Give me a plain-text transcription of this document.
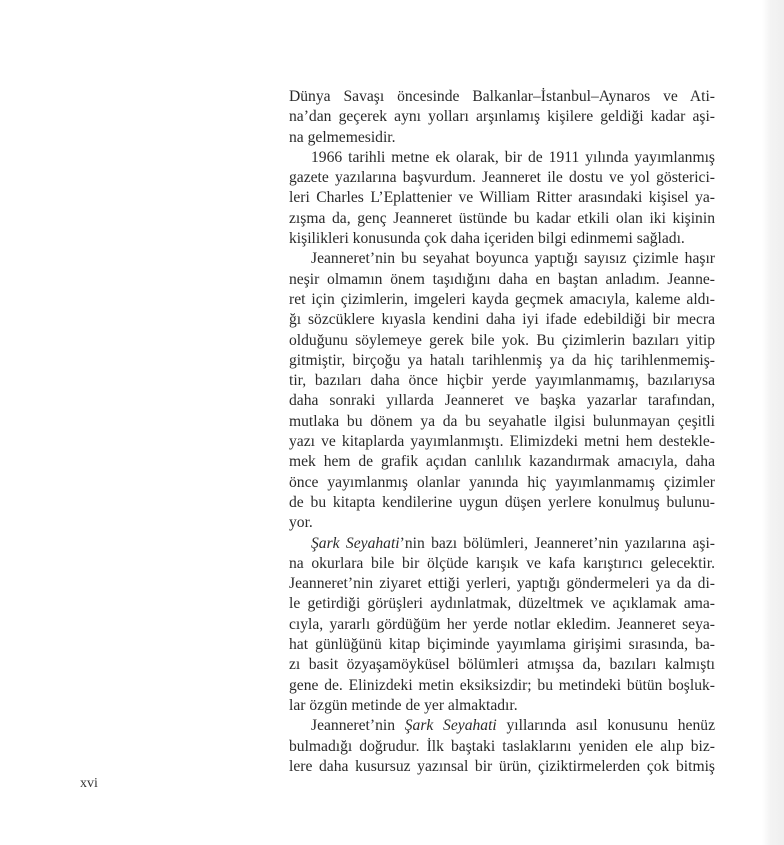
Dünya Savaşı öncesinde Balkanlar–İstanbul–Aynaros ve Ati-
na’dan geçerek aynı yolları arşınlamış kişilere geldiği kadar aşi-
na gelmemesidir.
1966 tarihli metne ek olarak, bir de 1911 yılında yayımlanmış
gazete yazılarına başvurdum. Jeanneret ile dostu ve yol gösterici-
leri Charles L’Eplattenier ve William Ritter arasındaki kişisel ya-
zışma da, genç Jeanneret üstünde bu kadar etkili olan iki kişinin
kişilikleri konusunda çok daha içeriden bilgi edinmemi sağladı.
Jeanneret’nin bu seyahat boyunca yaptığı sayısız çizimle haşır
neşir olmamın önem taşıdığını daha en baştan anladım. Jeanne-
ret için çizimlerin, imgeleri kayda geçmek amacıyla, kaleme aldı-
ğı sözcüklere kıyasla kendini daha iyi ifade edebildiği bir mecra
olduğunu söylemeye gerek bile yok. Bu çizimlerin bazıları yitip
gitmiştir, birçoğu ya hatalı tarihlenmiş ya da hiç tarihlenmemiş-
tir, bazıları daha önce hiçbir yerde yayımlanmamış, bazılarıysa
daha sonraki yıllarda Jeanneret ve başka yazarlar tarafından,
mutlaka bu dönem ya da bu seyahatle ilgisi bulunmayan çeşitli
yazı ve kitaplarda yayımlanmıştı. Elimizdeki metni hem destekle-
mek hem de grafik açıdan canlılık kazandırmak amacıyla, daha
önce yayımlanmış olanlar yanında hiç yayımlanmamış çizimler
de bu kitapta kendilerine uygun düşen yerlere konulmuş bulunu-
yor.
Şark Seyahati’nin bazı bölümleri, Jeanneret’nin yazılarına aşi-
na okurlara bile bir ölçüde karışık ve kafa karıştırıcı gelecektir.
Jeanneret’nin ziyaret ettiği yerleri, yaptığı göndermeleri ya da di-
le getirdiği görüşleri aydınlatmak, düzeltmek ve açıklamak ama-
cıyla, yararlı gördüğüm her yerde notlar ekledim. Jeanneret seya-
hat günlüğünü kitap biçiminde yayımlama girişimi sırasında, ba-
zı basit özyaşamöyküsel bölümleri atmışsa da, bazıları kalmıştı
gene de. Elinizdeki metin eksiksizdir; bu metindeki bütün boşluk-
lar özgün metinde de yer almaktadır.
Jeanneret’nin Şark Seyahati yıllarında asıl konusunu henüz
bulmadığı doğrudur. İlk baştaki taslaklarını yeniden ele alıp biz-
lere daha kusursuz yazınsal bir ürün, çiziktirmelerden çok bitmiş
xvi
